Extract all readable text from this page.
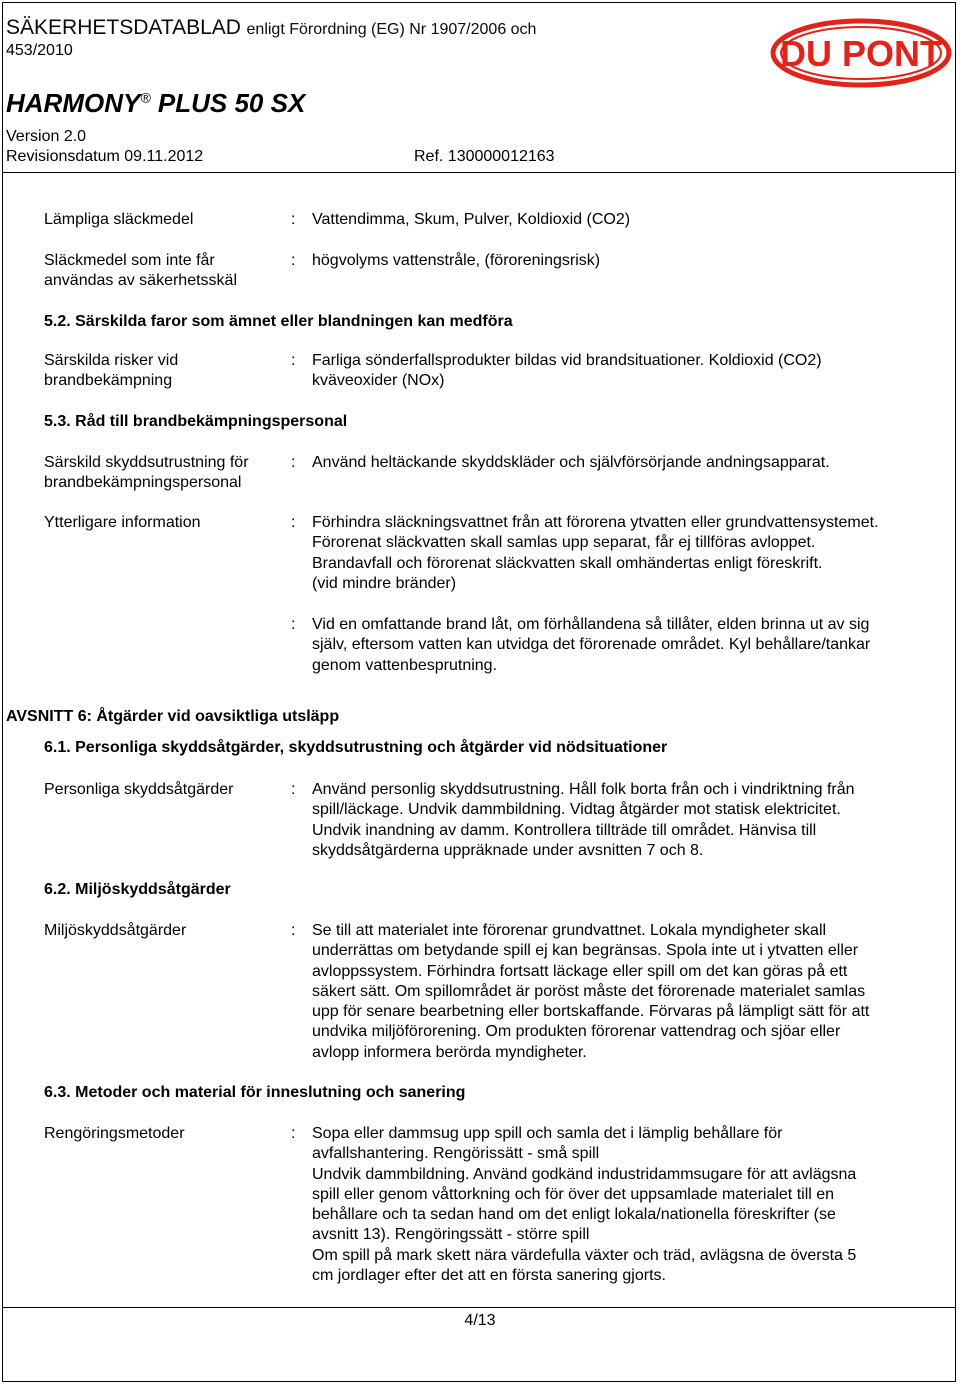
SÄKERHETSDATABLAD enligt Förordning (EG) Nr 1907/2006 och
453/2010
HARMONY® PLUS 50 SX
Version 2.0
Revisionsdatum 09.11.2012	Ref. 130000012163
DU PONT
Lämpliga släckmedel	: Vattendimma, Skum, Pulver, Koldioxid (CO2)
Släckmedel som inte får
användas av säkerhetsskäl
: högvolyms vattenstråle, (föroreningsrisk)
5.2. Särskilda faror som ämnet eller blandningen kan medföra
Särskilda risker vid
brandbekämpning
: Farliga sönderfallsprodukter bildas vid brandsituationer. Koldioxid (CO2)
kväveoxider (NOx)
5.3. Råd till brandbekämpningspersonal
Särskild skyddsutrustning för
brandbekämpningspersonal
: Använd heltäckande skyddskläder och självförsörjande andningsapparat.
Ytterligare information	: Förhindra släckningsvattnet från att förorena ytvatten eller grundvattensystemet.
Förorenat släckvatten skall samlas upp separat, får ej tillföras avloppet.
Brandavfall och förorenat släckvatten skall omhändertas enligt föreskrift.
(vid mindre bränder)
:	Vid en omfattande brand låt, om förhållandena så tillåter, elden brinna ut av sig
själv, eftersom vatten kan utvidga det förorenade området. Kyl behållare/tankar
genom vattenbesprutning.
AVSNITT 6: Åtgärder vid oavsiktliga utsläpp
6.1. Personliga skyddsåtgärder, skyddsutrustning och åtgärder vid nödsituationer
Personliga skyddsåtgärder	: Använd personlig skyddsutrustning. Håll folk borta från och i vindriktning från
spill/läckage. Undvik dammbildning. Vidtag åtgärder mot statisk elektricitet.
Undvik inandning av damm. Kontrollera tillträde till området. Hänvisa till
skyddsåtgärderna uppräknade under avsnitten 7 och 8.
6.2. Miljöskyddsåtgärder
Miljöskyddsåtgärder	: Se till att materialet inte förorenar grundvattnet. Lokala myndigheter skall
underrättas om betydande spill ej kan begränsas. Spola inte ut i ytvatten eller
avloppssystem. Förhindra fortsatt läckage eller spill om det kan göras på ett
säkert sätt. Om spillområdet är poröst måste det förorenade materialet samlas
upp för senare bearbetning eller bortskaffande. Förvaras på lämpligt sätt för att
undvika miljöförorening. Om produkten förorenar vattendrag och sjöar eller
avlopp informera berörda myndigheter.
6.3. Metoder och material för inneslutning och sanering
Rengöringsmetoder	: Sopa eller dammsug upp spill och samla det i lämplig behållare för
avfallshantering. Rengörissätt - små spill
Undvik dammbildning. Använd godkänd industridammsugare för att avlägsna
spill eller genom våttorkning och för över det uppsamlade materialet till en
behållare och ta sedan hand om det enligt lokala/nationella föreskrifter (se
avsnitt 13). Rengöringssätt - större spill
Om spill på mark skett nära värdefulla växter och träd, avlägsna de översta 5
cm jordlager efter det att en första sanering gjorts.
4/13
